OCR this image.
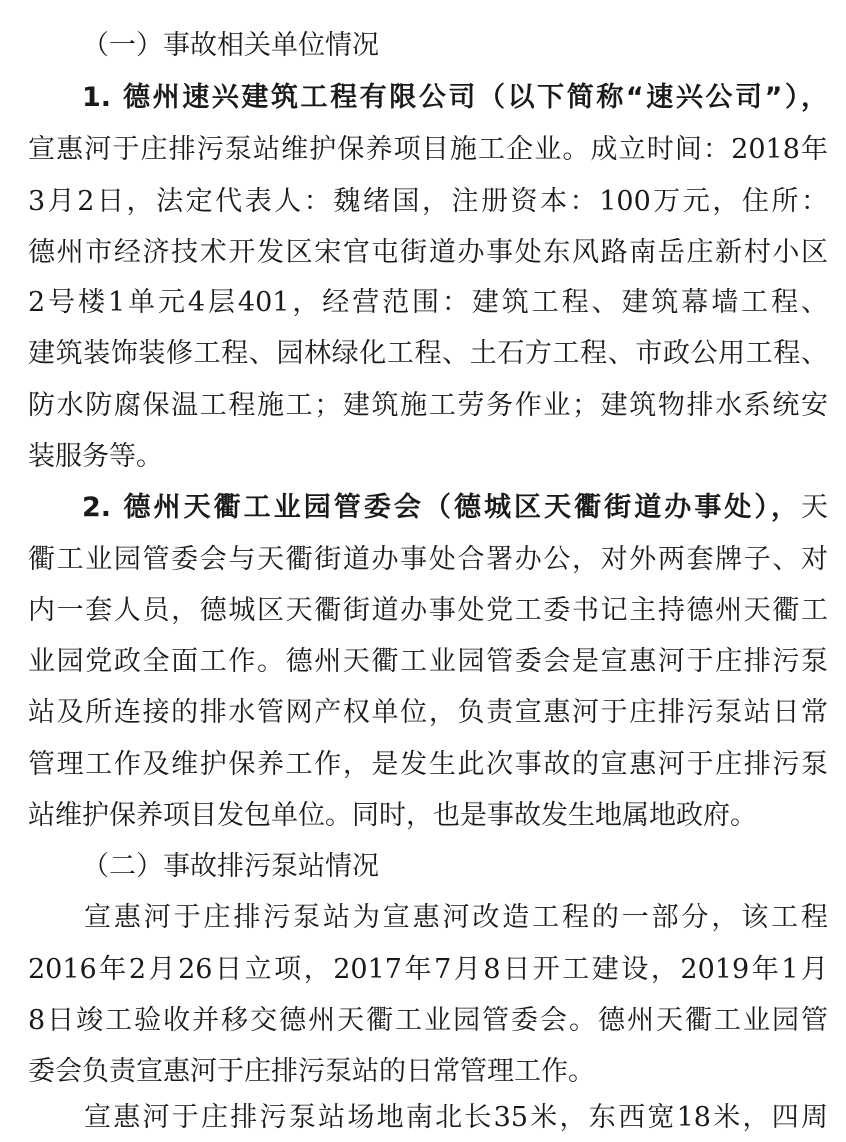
（一）事故相关单位情况
1. 德州速兴建筑工程有限公司（以下简称“速兴公司”），
宣惠河于庄排污泵站维护保养项目施工企业。成立时间：2018年
3月2日，法定代表人：魏绪国，注册资本：100万元，住所：
德州市经济技术开发区宋官屯街道办事处东风路南岳庄新村小区
2号楼1单元4层401，经营范围：建筑工程、建筑幕墙工程、
建筑装饰装修工程、园林绿化工程、土石方工程、市政公用工程、
防水防腐保温工程施工；建筑施工劳务作业；建筑物排水系统安
装服务等。
2. 德州天衢工业园管委会（德城区天衢街道办事处），天
衢工业园管委会与天衢街道办事处合署办公，对外两套牌子、对
内一套人员，德城区天衢街道办事处党工委书记主持德州天衢工
业园党政全面工作。德州天衢工业园管委会是宣惠河于庄排污泵
站及所连接的排水管网产权单位，负责宣惠河于庄排污泵站日常
管理工作及维护保养工作，是发生此次事故的宣惠河于庄排污泵
站维护保养项目发包单位。同时，也是事故发生地属地政府。
（二）事故排污泵站情况
宣惠河于庄排污泵站为宣惠河改造工程的一部分，该工程
2016年2月26日立项，2017年7月8日开工建设，2019年1月
8日竣工验收并移交德州天衢工业园管委会。德州天衢工业园管
委会负责宣惠河于庄排污泵站的日常管理工作。
宣惠河于庄排污泵站场地南北长35米，东西宽18米，四周
